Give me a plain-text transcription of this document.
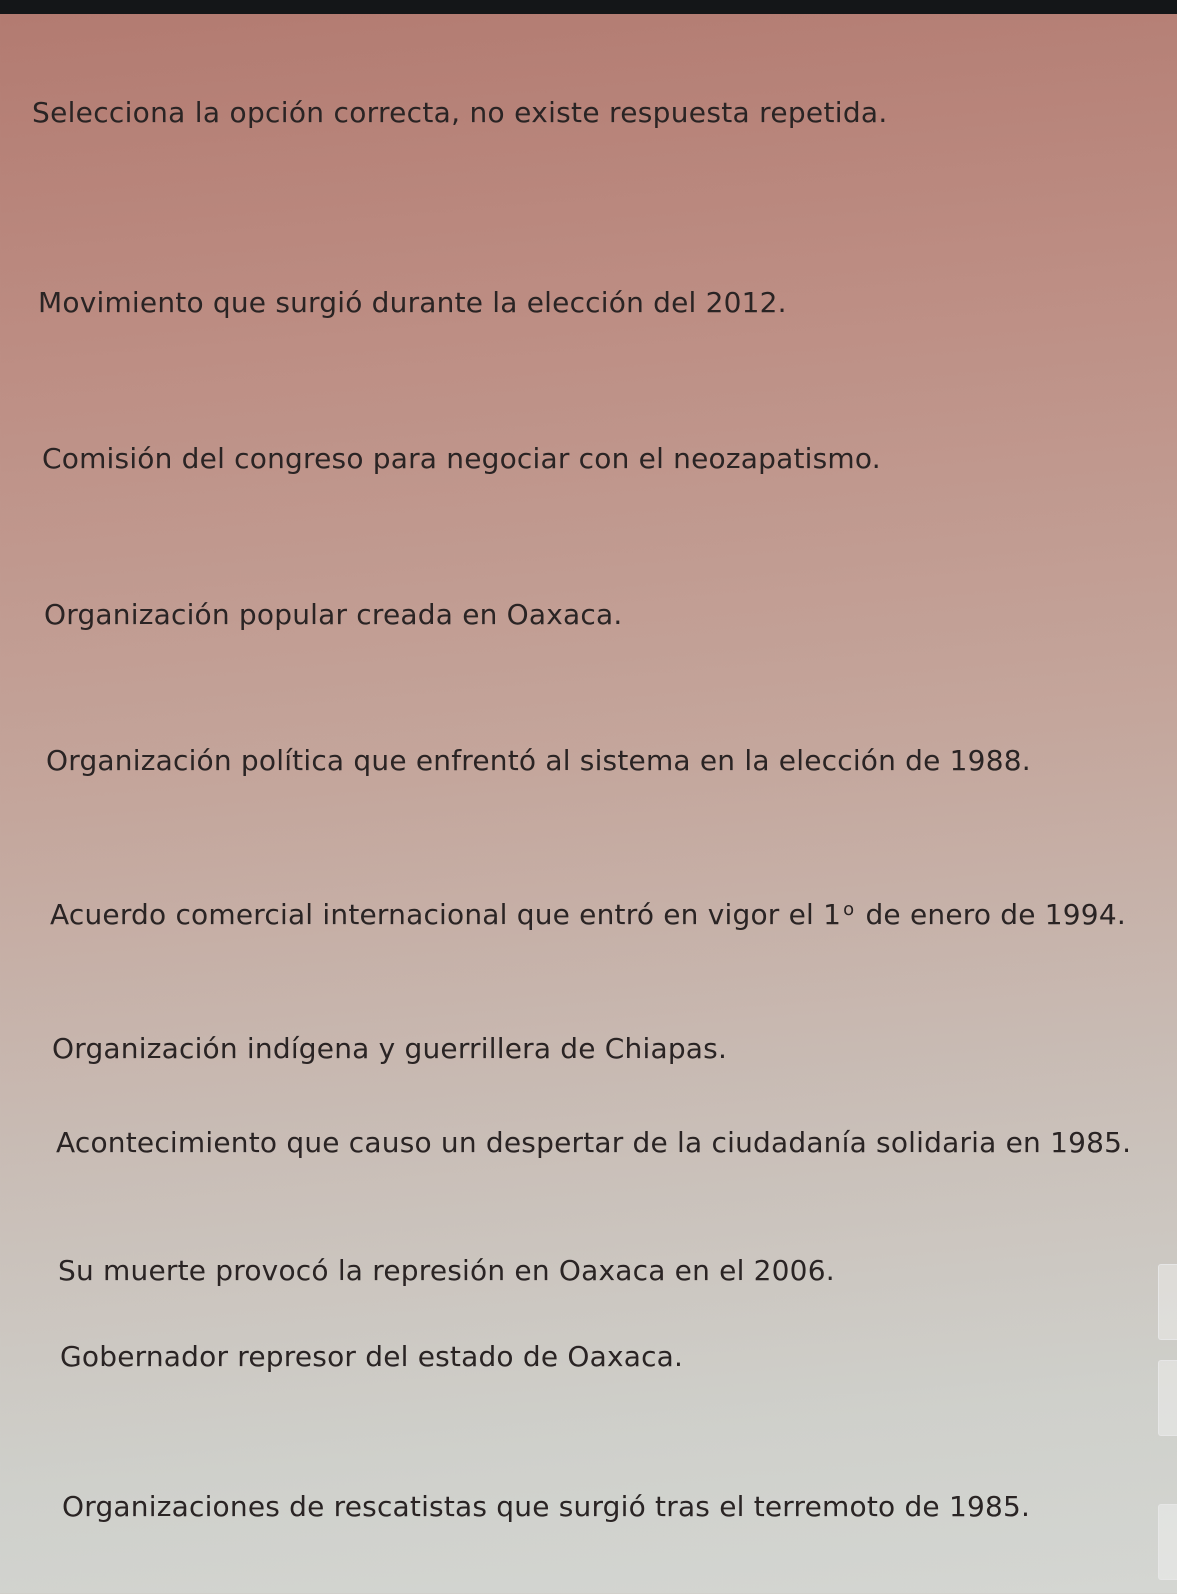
Selecciona la opción correcta, no existe respuesta repetida.
Movimiento que surgió durante la elección del 2012.
Comisión del congreso para negociar con el neozapatismo.
Organización popular creada en Oaxaca.
Organización política que enfrentó al sistema en la elección de 1988.
Acuerdo comercial internacional que entró en vigor el 1 $^o$ de enero de 1994.
Organización indígena y guerrillera de Chiapas.
Acontecimiento que causo un despertar de la ciudadanía solidaria en 1985.
Su muerte provocó la represión en Oaxaca en el 2006.
Gobernador represor del estado de Oaxaca.
Organizaciones de rescatistas que surgió tras el terremoto de 1985.
